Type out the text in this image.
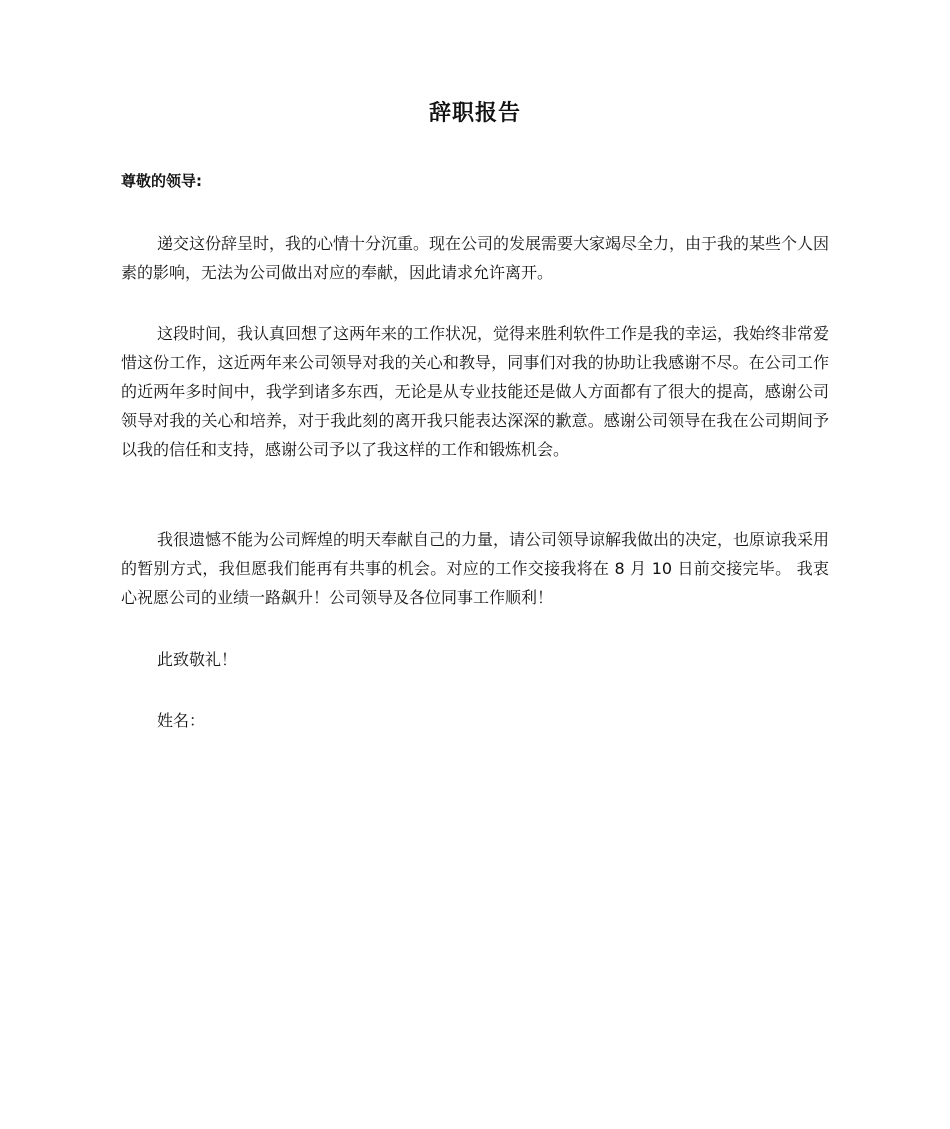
辞职报告
尊敬的领导:

递交这份辞呈时，我的心情十分沉重。现在公司的发展需要大家竭尽全力，由于我的某些个人因素的影响，无法为公司做出对应的奉献，因此请求允许离开。

这段时间，我认真回想了这两年来的工作状况，觉得来胜利软件工作是我的幸运，我始终非常爱惜这份工作，这近两年来公司领导对我的关心和教导，同事们对我的协助让我感谢不尽。在公司工作的近两年多时间中，我学到诸多东西，无论是从专业技能还是做人方面都有了很大的提高，感谢公司领导对我的关心和培养，对于我此刻的离开我只能表达深深的歉意。感谢公司领导在我在公司期间予以我的信任和支持，感谢公司予以了我这样的工作和锻炼机会。

我很遗憾不能为公司辉煌的明天奉献自己的力量，请公司领导谅解我做出的决定，也原谅我采用的暂别方式，我但愿我们能再有共事的机会。对应的工作交接我将在 8 月 10 日前交接完毕。 我衷心祝愿公司的业绩一路飙升！公司领导及各位同事工作顺利！

此致敬礼！
姓名：
